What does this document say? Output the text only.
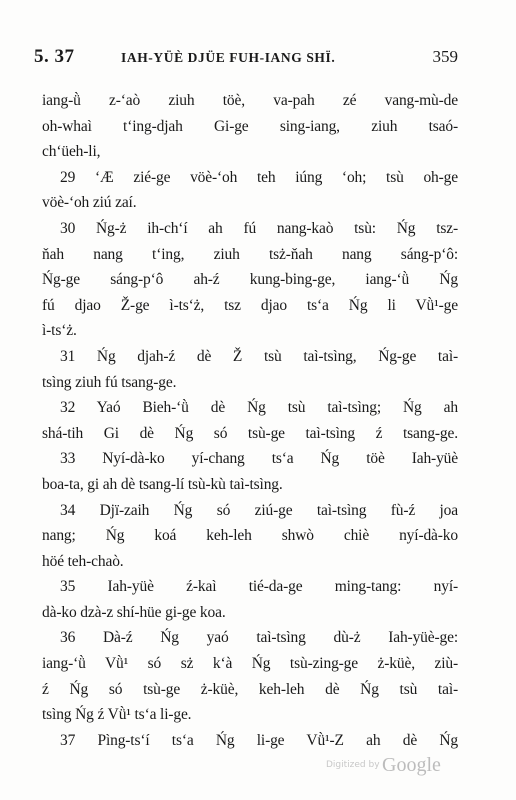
5. 37	IAH-YÜÈ DJÜE FUH-IANG SHÏ.	359
iang-ǜ z-‘aò ziuh töè, va-pah zé vang-mù-de
oh-whaì t‘ing-djah Gi-ge sing-iang, ziuh tsaó-
ch‘üeh-li,
29 ‘Æ zié-ge vöè-‘oh teh iúng ‘oh; tsù oh-ge
vöè-‘oh ziú zaí.
30 Ńg-ż ih-ch‘í ah fú nang-kaò tsù: Ńg tsz-
ňah nang t‘ing, ziuh tsż-ňah nang sáng-p‘ô:
Ńg-ge sáng-p‘ô ah-ź kung-bing-ge, iang-‘ǜ Ńg
fú djao Ž-ge ì-ts‘ż, tsz djao ts‘a Ńg li Vǜ¹-ge
ì-ts‘ż.
31 Ńg djah-ź dè Ž tsù taì-tsìng, Ńg-ge taì-
tsìng ziuh fú tsang-ge.
32 Yaó Bieh-‘ǜ dè Ńg tsù taì-tsìng; Ńg ah
shá-tih Gi dè Ńg só tsù-ge taì-tsìng ź tsang-ge.
33 Nyí-dà-ko yí-chang ts‘a Ńg töè Iah-yüè
boa-ta, gi ah dè tsang-lí tsù-kù taì-tsìng.
34 Djï-zaih Ńg só ziú-ge taì-tsìng fù-ź joa
nang; Ńg koá keh-leh shwò chiè nyí-dà-ko
höé teh-chaò.
35 Iah-yüè ź-kaì tié-da-ge ming-tang: nyí-
dà-ko dzà-z shí-hüe gi-ge koa.
36 Dà-ź Ńg yaó taì-tsìng dù-ż Iah-yüè-ge:
iang-‘ǜ Vǜ¹ só sż k‘à Ńg tsù-zing-ge ż-küè, ziù-
ź Ńg só tsù-ge ż-küè, keh-leh dè Ńg tsù taì-
tsìng Ńg ź Vǜ¹ ts‘a li-ge.
37 Pìng-ts‘í ts‘a Ńg li-ge Vǜ¹-Z ah dè Ńg
Digitized by Google
